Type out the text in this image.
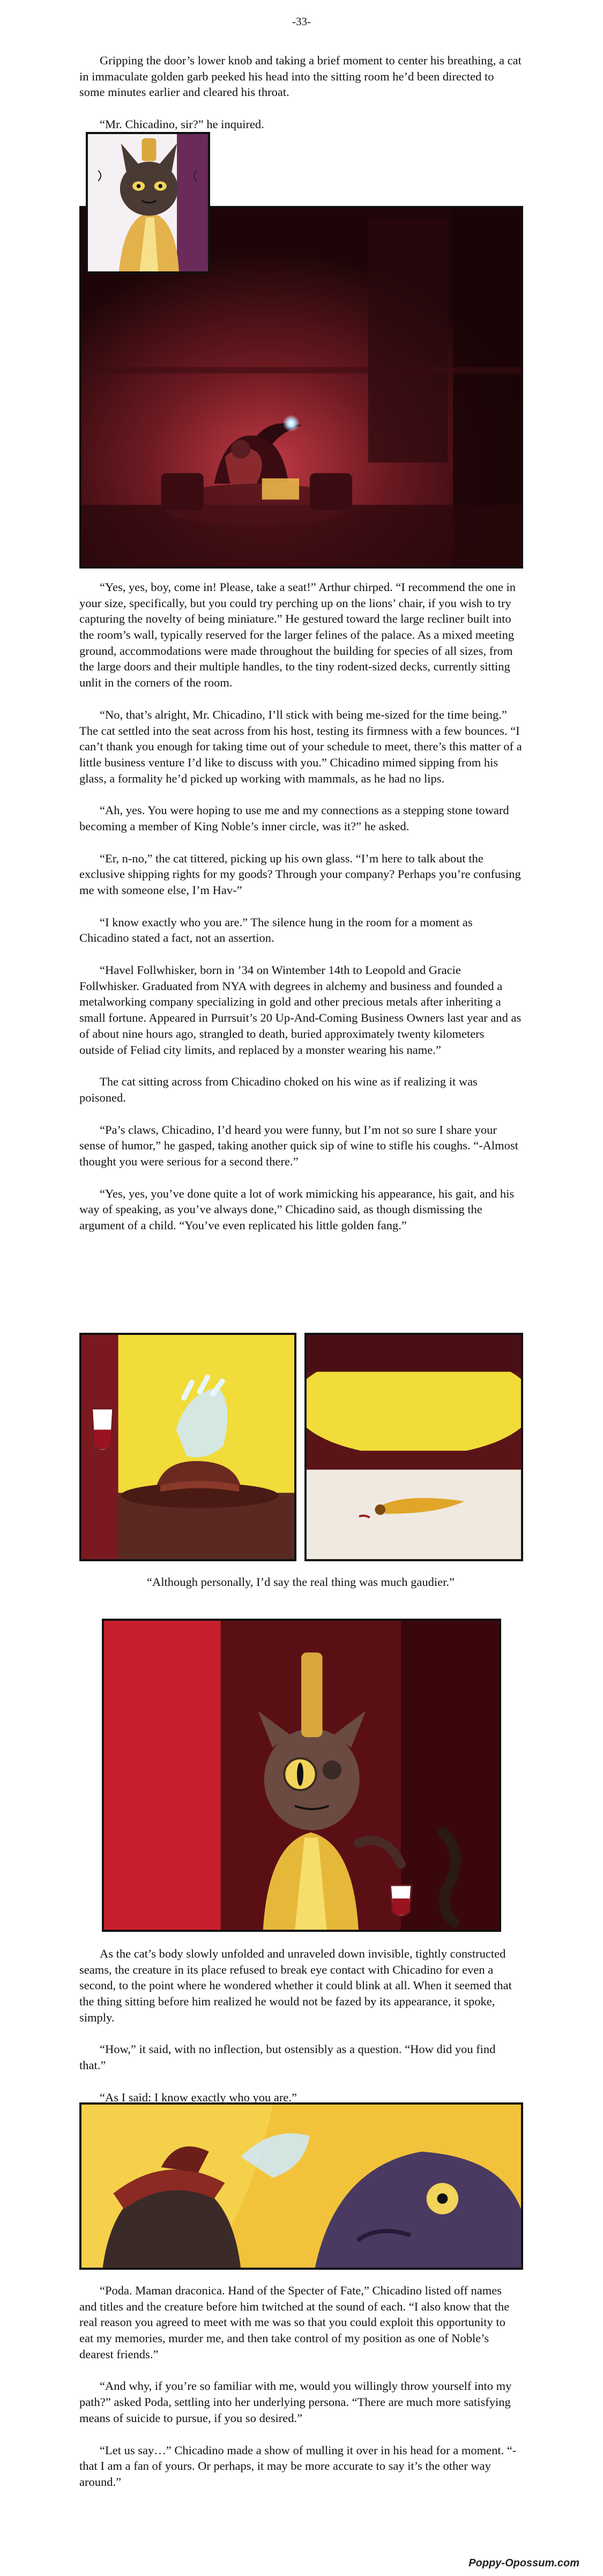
-33-

Gripping the door’s lower knob and taking a brief moment to center his breathing, a cat in immaculate golden garb peeked his head into the sitting room he’d been directed to some minutes earlier and cleared his throat.

“Mr. Chicadino, sir?” he inquired.

“Yes, yes, boy, come in! Please, take a seat!” Arthur chirped. “I recommend the one in your size, specifically, but you could try perching up on the lions’ chair, if you wish to try capturing the novelty of being miniature.” He gestured toward the large recliner built into the room’s wall, typically reserved for the larger felines of the palace. As a mixed meeting ground, accommodations were made throughout the building for species of all sizes, from the large doors and their multiple handles, to the tiny rodent-sized decks, currently sitting unlit in the corners of the room.

“No, that’s alright, Mr. Chicadino, I’ll stick with being me-sized for the time being.” The cat settled into the seat across from his host, testing its firmness with a few bounces. “I can’t thank you enough for taking time out of your schedule to meet, there’s this matter of a little business venture I’d like to discuss with you.” Chicadino mimed sipping from his glass, a formality he’d picked up working with mammals, as he had no lips.

“Ah, yes. You were hoping to use me and my connections as a stepping stone toward becoming a member of King Noble’s inner circle, was it?” he asked.

“Er, n-no,” the cat tittered, picking up his own glass. “I’m here to talk about the exclusive shipping rights for my goods? Through your company? Perhaps you’re confusing me with someone else, I’m Hav-”

“I know exactly who you are.” The silence hung in the room for a moment as Chicadino stated a fact, not an assertion.

“Havel Follwhisker, born in ’34 on Wintember 14th to Leopold and Gracie Follwhisker. Graduated from NYA with degrees in alchemy and business and founded a metalworking company specializing in gold and other precious metals after inheriting a small fortune. Appeared in Purrsuit’s 20 Up-And-Coming Business Owners last year and as of about nine hours ago, strangled to death, buried approximately twenty kilometers outside of Feliad city limits, and replaced by a monster wearing his name.”

The cat sitting across from Chicadino choked on his wine as if realizing it was poisoned.

“Pa’s claws, Chicadino, I’d heard you were funny, but I’m not so sure I share your sense of humor,” he gasped, taking another quick sip of wine to stifle his coughs. “-Almost thought you were serious for a second there.”

“Yes, yes, you’ve done quite a lot of work mimicking his appearance, his gait, and his way of speaking, as you’ve always done,” Chicadino said, as though dismissing the argument of a child. “You’ve even replicated his little golden fang.”

“Although personally, I’d say the real thing was much gaudier.”

As the cat’s body slowly unfolded and unraveled down invisible, tightly constructed seams, the creature in its place refused to break eye contact with Chicadino for even a second, to the point where he wondered whether it could blink at all. When it seemed that the thing sitting before him realized he would not be fazed by its appearance, it spoke, simply.

“How,” it said, with no inflection, but ostensibly as a question. “How did you find that.”

“As I said: I know exactly who you are.”

“Poda. Maman draconica. Hand of the Specter of Fate,” Chicadino listed off names and titles and the creature before him twitched at the sound of each. “I also know that the real reason you agreed to meet with me was so that you could exploit this opportunity to eat my memories, murder me, and then take control of my position as one of Noble’s dearest friends.”

“And why, if you’re so familiar with me, would you willingly throw yourself into my path?” asked Poda, settling into her underlying persona. “There are much more satisfying means of suicide to pursue, if you so desired.”

“Let us say…” Chicadino made a show of mulling it over in his head for a moment. “-that I am a fan of yours. Or perhaps, it may be more accurate to say it’s the other way around.”

Poppy-Opossum.com
